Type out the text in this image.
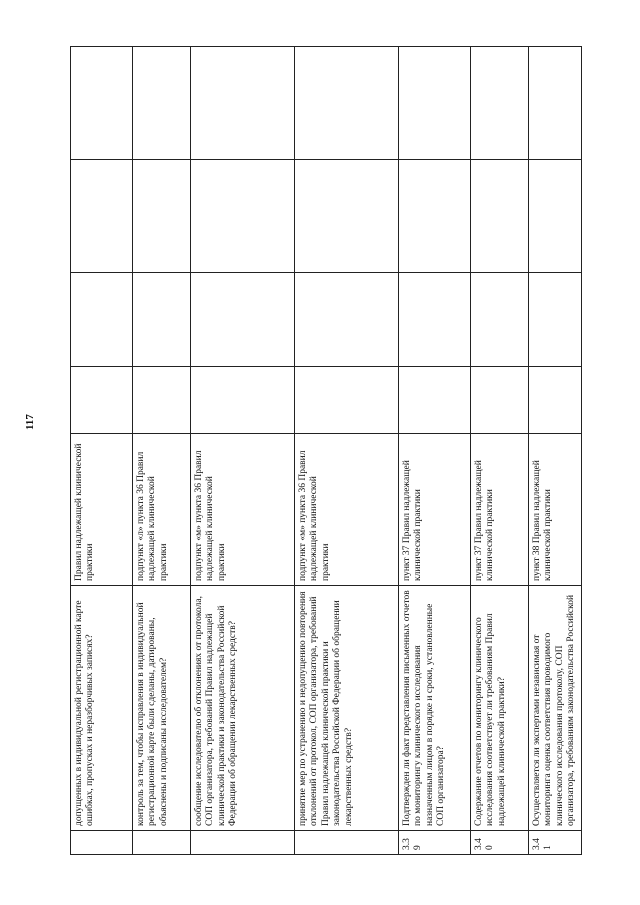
117
	допущенных в индивидуальной регистрационной карте ошибках, пропусках и неразборчивых записях?	Правил надлежащей клинической практики				
	контроль за тем, чтобы исправления в индивидуальной регистрационной карте были сделаны, датированы, объяснены и подписаны исследователем?	подпункт «л» пункта 36 Правил надлежащей клинической практики				
	сообщение исследователю об отклонениях от протокола, СОП организатора, требований Правил надлежащей клинической практики и законодательства Российской Федерации об обращении лекарственных средств?	подпункт «м» пункта 36 Правил надлежащей клинической практики				
	принятие мер по устранению и недопущению повторения отклонений от протокол, СОП организатора, требований Правил надлежащей клинической практики и законодательства Российской Федерации об обращении лекарственных средств?	подпункт «м» пункта 36 Правил надлежащей клинической практики				
3.39	Подтвержден ли факт представления письменных отчетов по мониторингу клинического исследования назначенным лицом в порядке и сроки, установленные СОП организатора?	пункт 37 Правил надлежащей клинической практики				
3.40	Содержание отчетов по мониторингу клинического исследования соответствует ли требованиям Правил надлежащей клинической практики?	пункт 37 Правил надлежащей клинической практики				
3.41	Осуществляется ли экспертами независимая от мониторинга оценка соответствия проводимого клинического исследования протоколу, СОП организатора, требованиям законодательства Российской	пункт 38 Правил надлежащей клинической практики				
